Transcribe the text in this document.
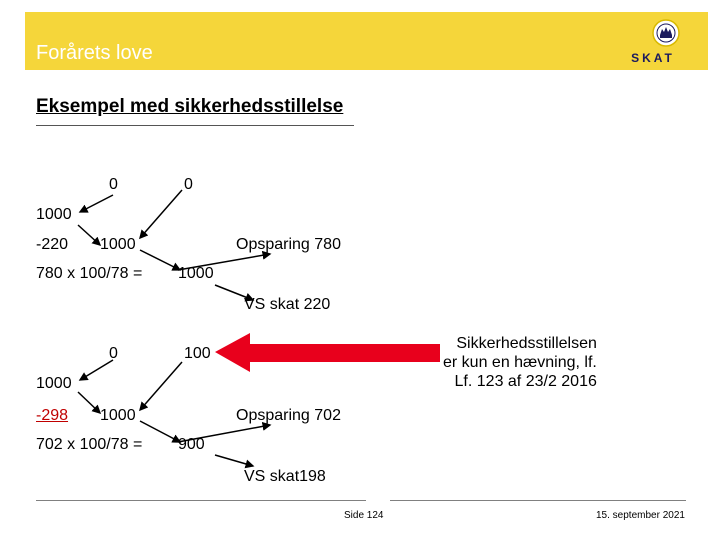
Forårets love	SKAT
Eksempel med sikkerhedsstillelse
0	0
1000
-220 1000	Opsparing 780
780 x 100/78 = 1000
VS skat 220
0	100
1000
-298 1000	Opsparing 702
702 x 100/78 = 900
VS skat198
Sikkerhedsstillelsen
er kun en hævning, lf.
Lf. 123 af 23/2 2016
Side 124	15. september 2021
